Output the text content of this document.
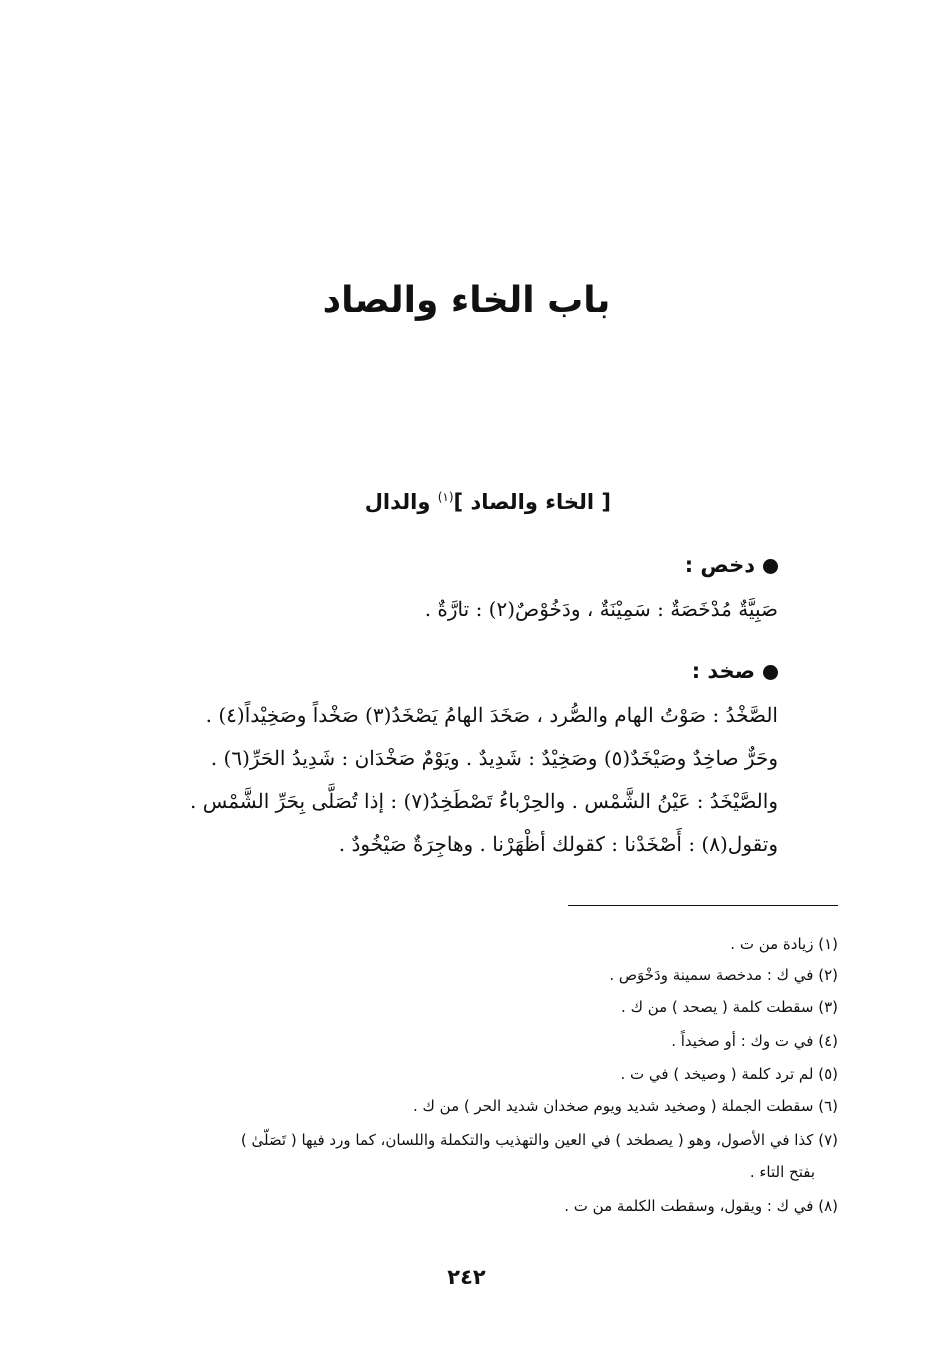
باب الخاء والصاد
[ الخاء والصاد ]$^{(١)}$ والدال
دخص :
صَبِيَّةٌ مُدْخَصَةٌ : سَمِيْنَةٌ ، ودَخُوْصٌ(٢) : تارَّةٌ .
صخد :
الصَّخْدُ : صَوْتُ الهام والصُّرد ، صَخَدَ الهامُ يَصْخَدُ(٣) صَخْداً وصَخِيْداً(٤) .
وحَرٌّ صاخِدٌ وصَيْخَدٌ(٥) وصَخِيْدٌ : شَدِيدٌ . ويَوْمٌ صَخْدَان : شَدِيدُ الحَرِّ(٦) .
والصَّيْخَدُ : عَيْنُ الشَّمْس . والحِرْباءُ تَصْطَخِدُ(٧) : إذا تُصَلَّى بِحَرِّ الشَّمْس .
وتقول(٨) : أَصْخَدْنا : كقولك أظْهَرْنا . وهاجِرَةٌ صَيْخُودٌ .
(١) زيادة من ت .
(٢) في ك : مدخصة سمينة ودَخْوَص .
(٣) سقطت كلمة ( يصحد ) من ك .
(٤) في ت وك : أو صخيداً .
(٥) لم ترد كلمة ( وصيخد ) في ت .
(٦) سقطت الجملة ( وصخيد شديد ويوم صخدان شديد الحر ) من ك .
(٧) كذا في الأصول، وهو ( يصطخد ) في العين والتهذيب والتكملة واللسان، كما ورد فيها ( تَصَلّىٰ )
بفتح التاء .
(٨) في ك : ويقول، وسقطت الكلمة من ت .
٢٤٢
